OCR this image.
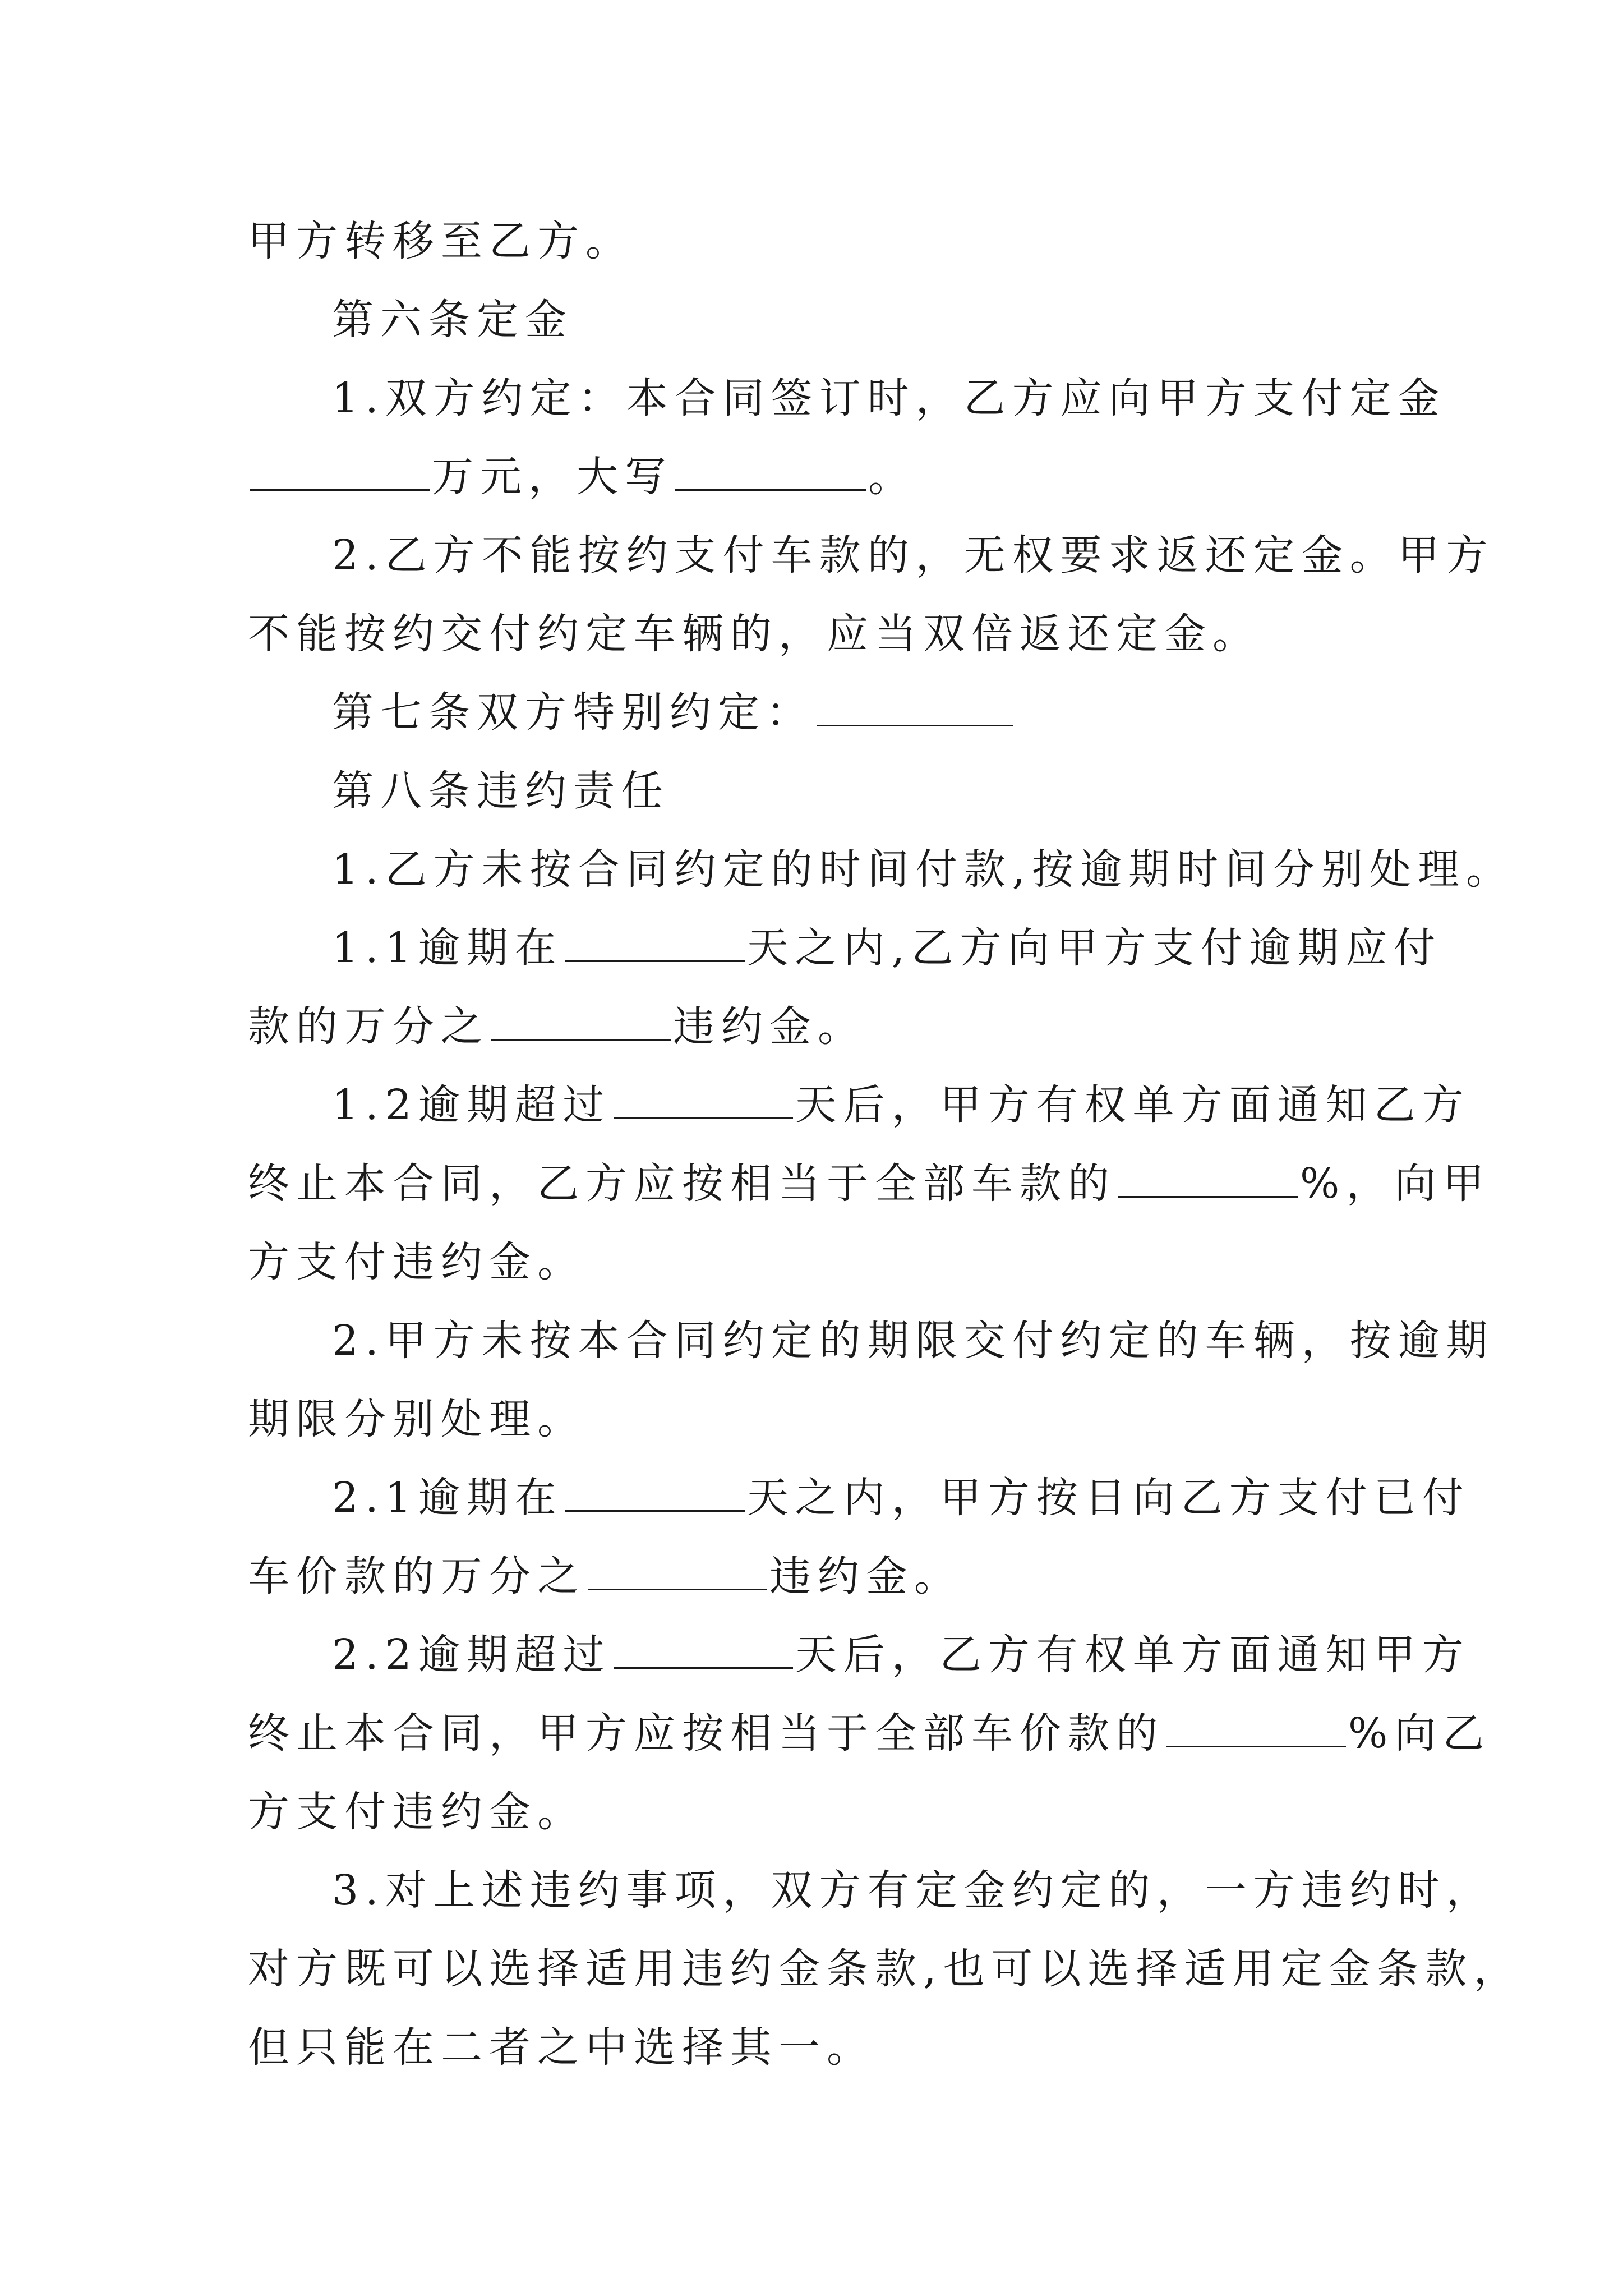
甲方转移至乙方。
第六条定金
1.双方约定：本合同签订时，乙方应向甲方支付定金
万元，大写	。
2.乙方不能按约支付车款的，无权要求返还定金。甲方
不能按约交付约定车辆的，应当双倍返还定金。
第七条双方特别约定：
第八条违约责任
1.乙方未按合同约定的时间付款,按逾期时间分别处理。
1.1逾期在	天之内,乙方向甲方支付逾期应付
款的万分之	违约金。
1.2逾期超过	天后，甲方有权单方面通知乙方
终止本合同，乙方应按相当于全部车款的	%，向甲
方支付违约金。
2.甲方未按本合同约定的期限交付约定的车辆，按逾期
期限分别处理。
2.1逾期在	天之内，甲方按日向乙方支付已付
车价款的万分之	违约金。
2.2逾期超过	天后，乙方有权单方面通知甲方
终止本合同，甲方应按相当于全部车价款的	%向乙
方支付违约金。
3.对上述违约事项，双方有定金约定的，一方违约时，
对方既可以选择适用违约金条款,也可以选择适用定金条款，
但只能在二者之中选择其一。
